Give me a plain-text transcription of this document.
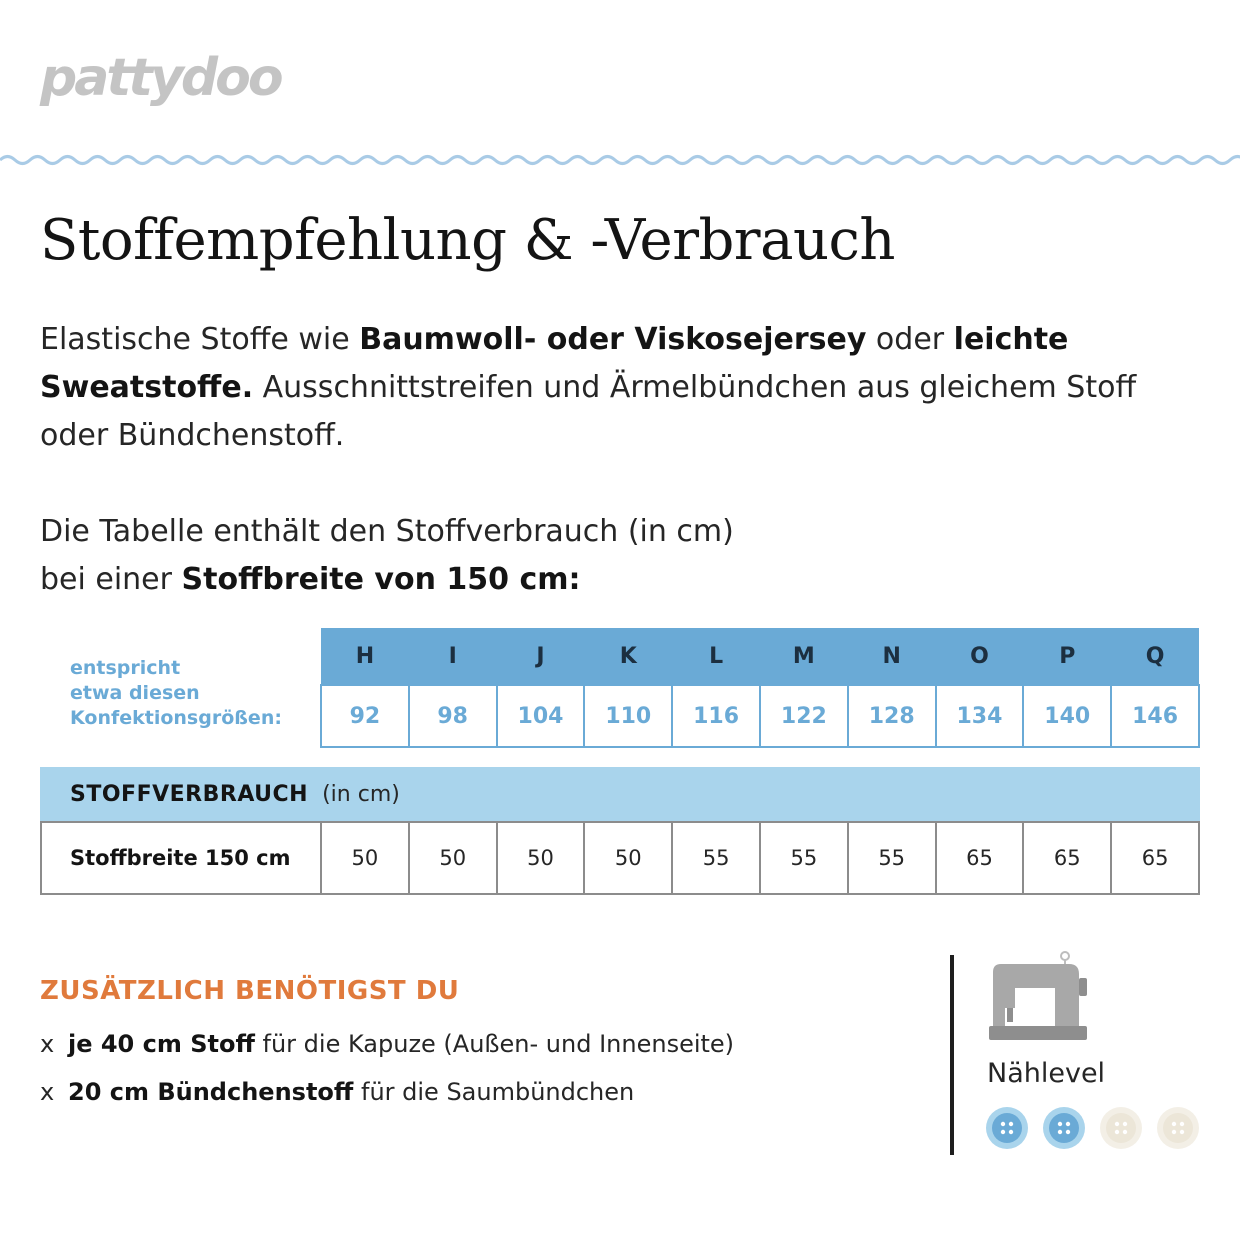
pattydoo
Stoffempfehlung & -Verbrauch

Elastische Stoffe wie Baumwoll- oder Viskosejersey oder leichte Sweatstoffe. Ausschnittstreifen und Ärmelbündchen aus gleichem Stoff oder Bündchenstoff.

Die Tabelle enthält den Stoffverbrauch (in cm)
bei einer Stoffbreite von 150 cm:

entspricht
etwa diesen
Konfektionsgrößen:
H	I	J	K	L	M	N	O	P	Q
92	98	104	110	116	122	128	134	140	146
STOFFVERBRAUCH (in cm)
Stoffbreite 150 cm	50	50	50	50	55	55	55	65	65	65
ZUSÄTZLICH BENÖTIGST DU
x je 40 cm Stoff für die Kapuze (Außen- und Innenseite)
x 20 cm Bündchenstoff für die Saumbündchen
Nählevel
